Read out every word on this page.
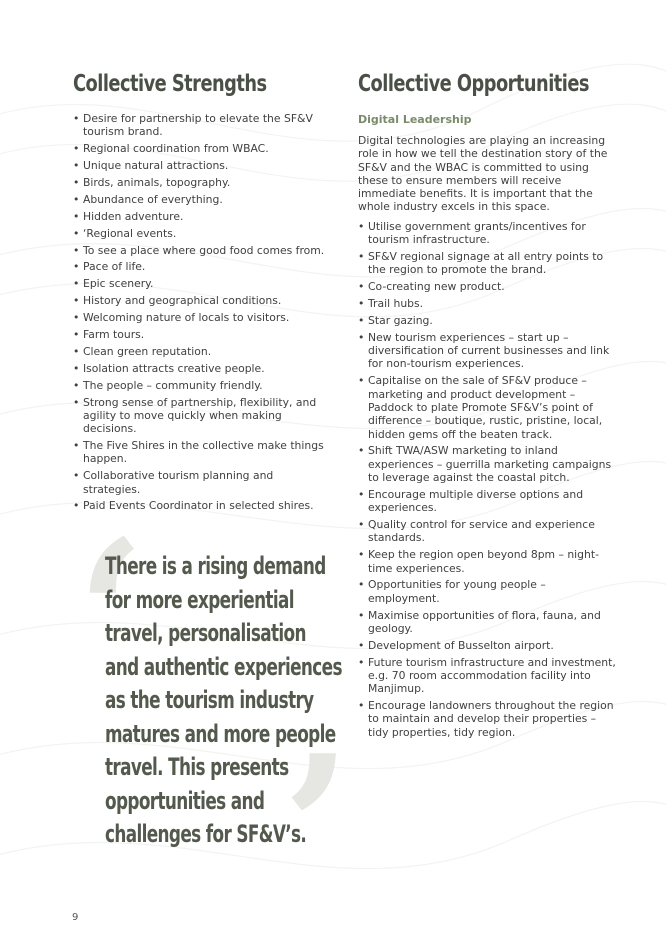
Collective Strengths
• Desire for partnership to elevate the SF&V tourism brand.
• Regional coordination from WBAC.
• Unique natural attractions.
• Birds, animals, topography.
• Abundance of everything.
• Hidden adventure.
• ‘Regional events.
• To see a place where good food comes from.
• Pace of life.
• Epic scenery.
• History and geographical conditions.
• Welcoming nature of locals to visitors.
• Farm tours.
• Clean green reputation.
• Isolation attracts creative people.
• The people – community friendly.
• Strong sense of partnership, flexibility, and agility to move quickly when making decisions.
• The Five Shires in the collective make things happen.
• Collaborative tourism planning and strategies.
• Paid Events Coordinator in selected shires.
Collective Opportunities
Digital Leadership

Digital technologies are playing an increasing role in how we tell the destination story of the SF&V and the WBAC is committed to using these to ensure members will receive immediate benefits. It is important that the whole industry excels in this space.

• Utilise government grants/incentives for tourism infrastructure.
• SF&V regional signage at all entry points to the region to promote the brand.
• Co-creating new product.
• Trail hubs.
• Star gazing.
• New tourism experiences – start up – diversification of current businesses and link for non-tourism experiences.
• Capitalise on the sale of SF&V produce – marketing and product development – Paddock to plate Promote SF&V’s point of difference – boutique, rustic, pristine, local, hidden gems off the beaten track.
• Shift TWA/ASW marketing to inland experiences – guerrilla marketing campaigns to leverage against the coastal pitch.
• Encourage multiple diverse options and experiences.
• Quality control for service and experience standards.
• Keep the region open beyond 8pm – night-time experiences.
• Opportunities for young people – employment.
• Maximise opportunities of flora, fauna, and geology.
• Development of Busselton airport.
• Future tourism infrastructure and investment, e.g. 70 room accommodation facility into Manjimup.
• Encourage landowners throughout the region to maintain and develop their properties – tidy properties, tidy region.
‘
’
There is a rising demand
for more experiential
travel, personalisation
and authentic experiences
as the tourism industry
matures and more people
travel. This presents
opportunities and
challenges for SF&V’s.
9
